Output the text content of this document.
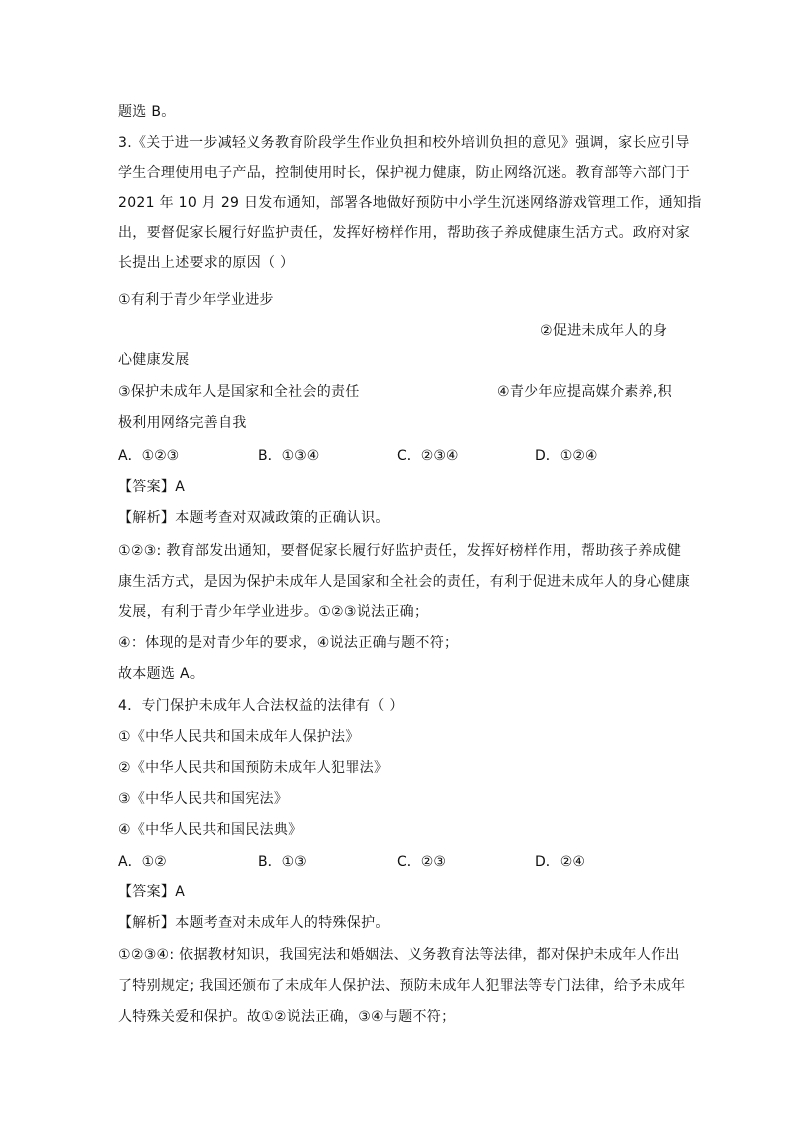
题选 B。
3.《关于进一步减轻义务教育阶段学生作业负担和校外培训负担的意见》强调，家长应引导
学生合理使用电子产品，控制使用时长，保护视力健康，防止网络沉迷。教育部等六部门于
2021 年 10 月 29 日发布通知，部署各地做好预防中小学生沉迷网络游戏管理工作，通知指
出，要督促家长履行好监护责任，发挥好榜样作用，帮助孩子养成健康生活方式。政府对家
长提出上述要求的原因（ ）
①有利于青少年学业进步
②促进未成年人的身
心健康发展
③保护未成年人是国家和全社会的责任	④青少年应提高媒介素养,积
极利用网络完善自我
A．①②③	B．①③④	C．②③④	D．①②④
【答案】A
【解析】本题考查对双减政策的正确认识。
①②③: 教育部发出通知，要督促家长履行好监护责任，发挥好榜样作用，帮助孩子养成健
康生活方式，是因为保护未成年人是国家和全社会的责任，有利于促进未成年人的身心健康
发展，有利于青少年学业进步。①②③说法正确；
④：体现的是对青少年的要求，④说法正确与题不符；
故本题选 A。
4．专门保护未成年人合法权益的法律有（ ）
①《中华人民共和国未成年人保护法》
②《中华人民共和国预防未成年人犯罪法》
③《中华人民共和国宪法》
④《中华人民共和国民法典》
A．①②	B．①③	C．②③	D．②④
【答案】A
【解析】本题考查对未成年人的特殊保护。
①②③④: 依据教材知识，我国宪法和婚姻法、义务教育法等法律，都对保护未成年人作出
了特别规定; 我国还颁布了未成年人保护法、预防未成年人犯罪法等专门法律，给予未成年
人特殊关爱和保护。故①②说法正确，③④与题不符；
